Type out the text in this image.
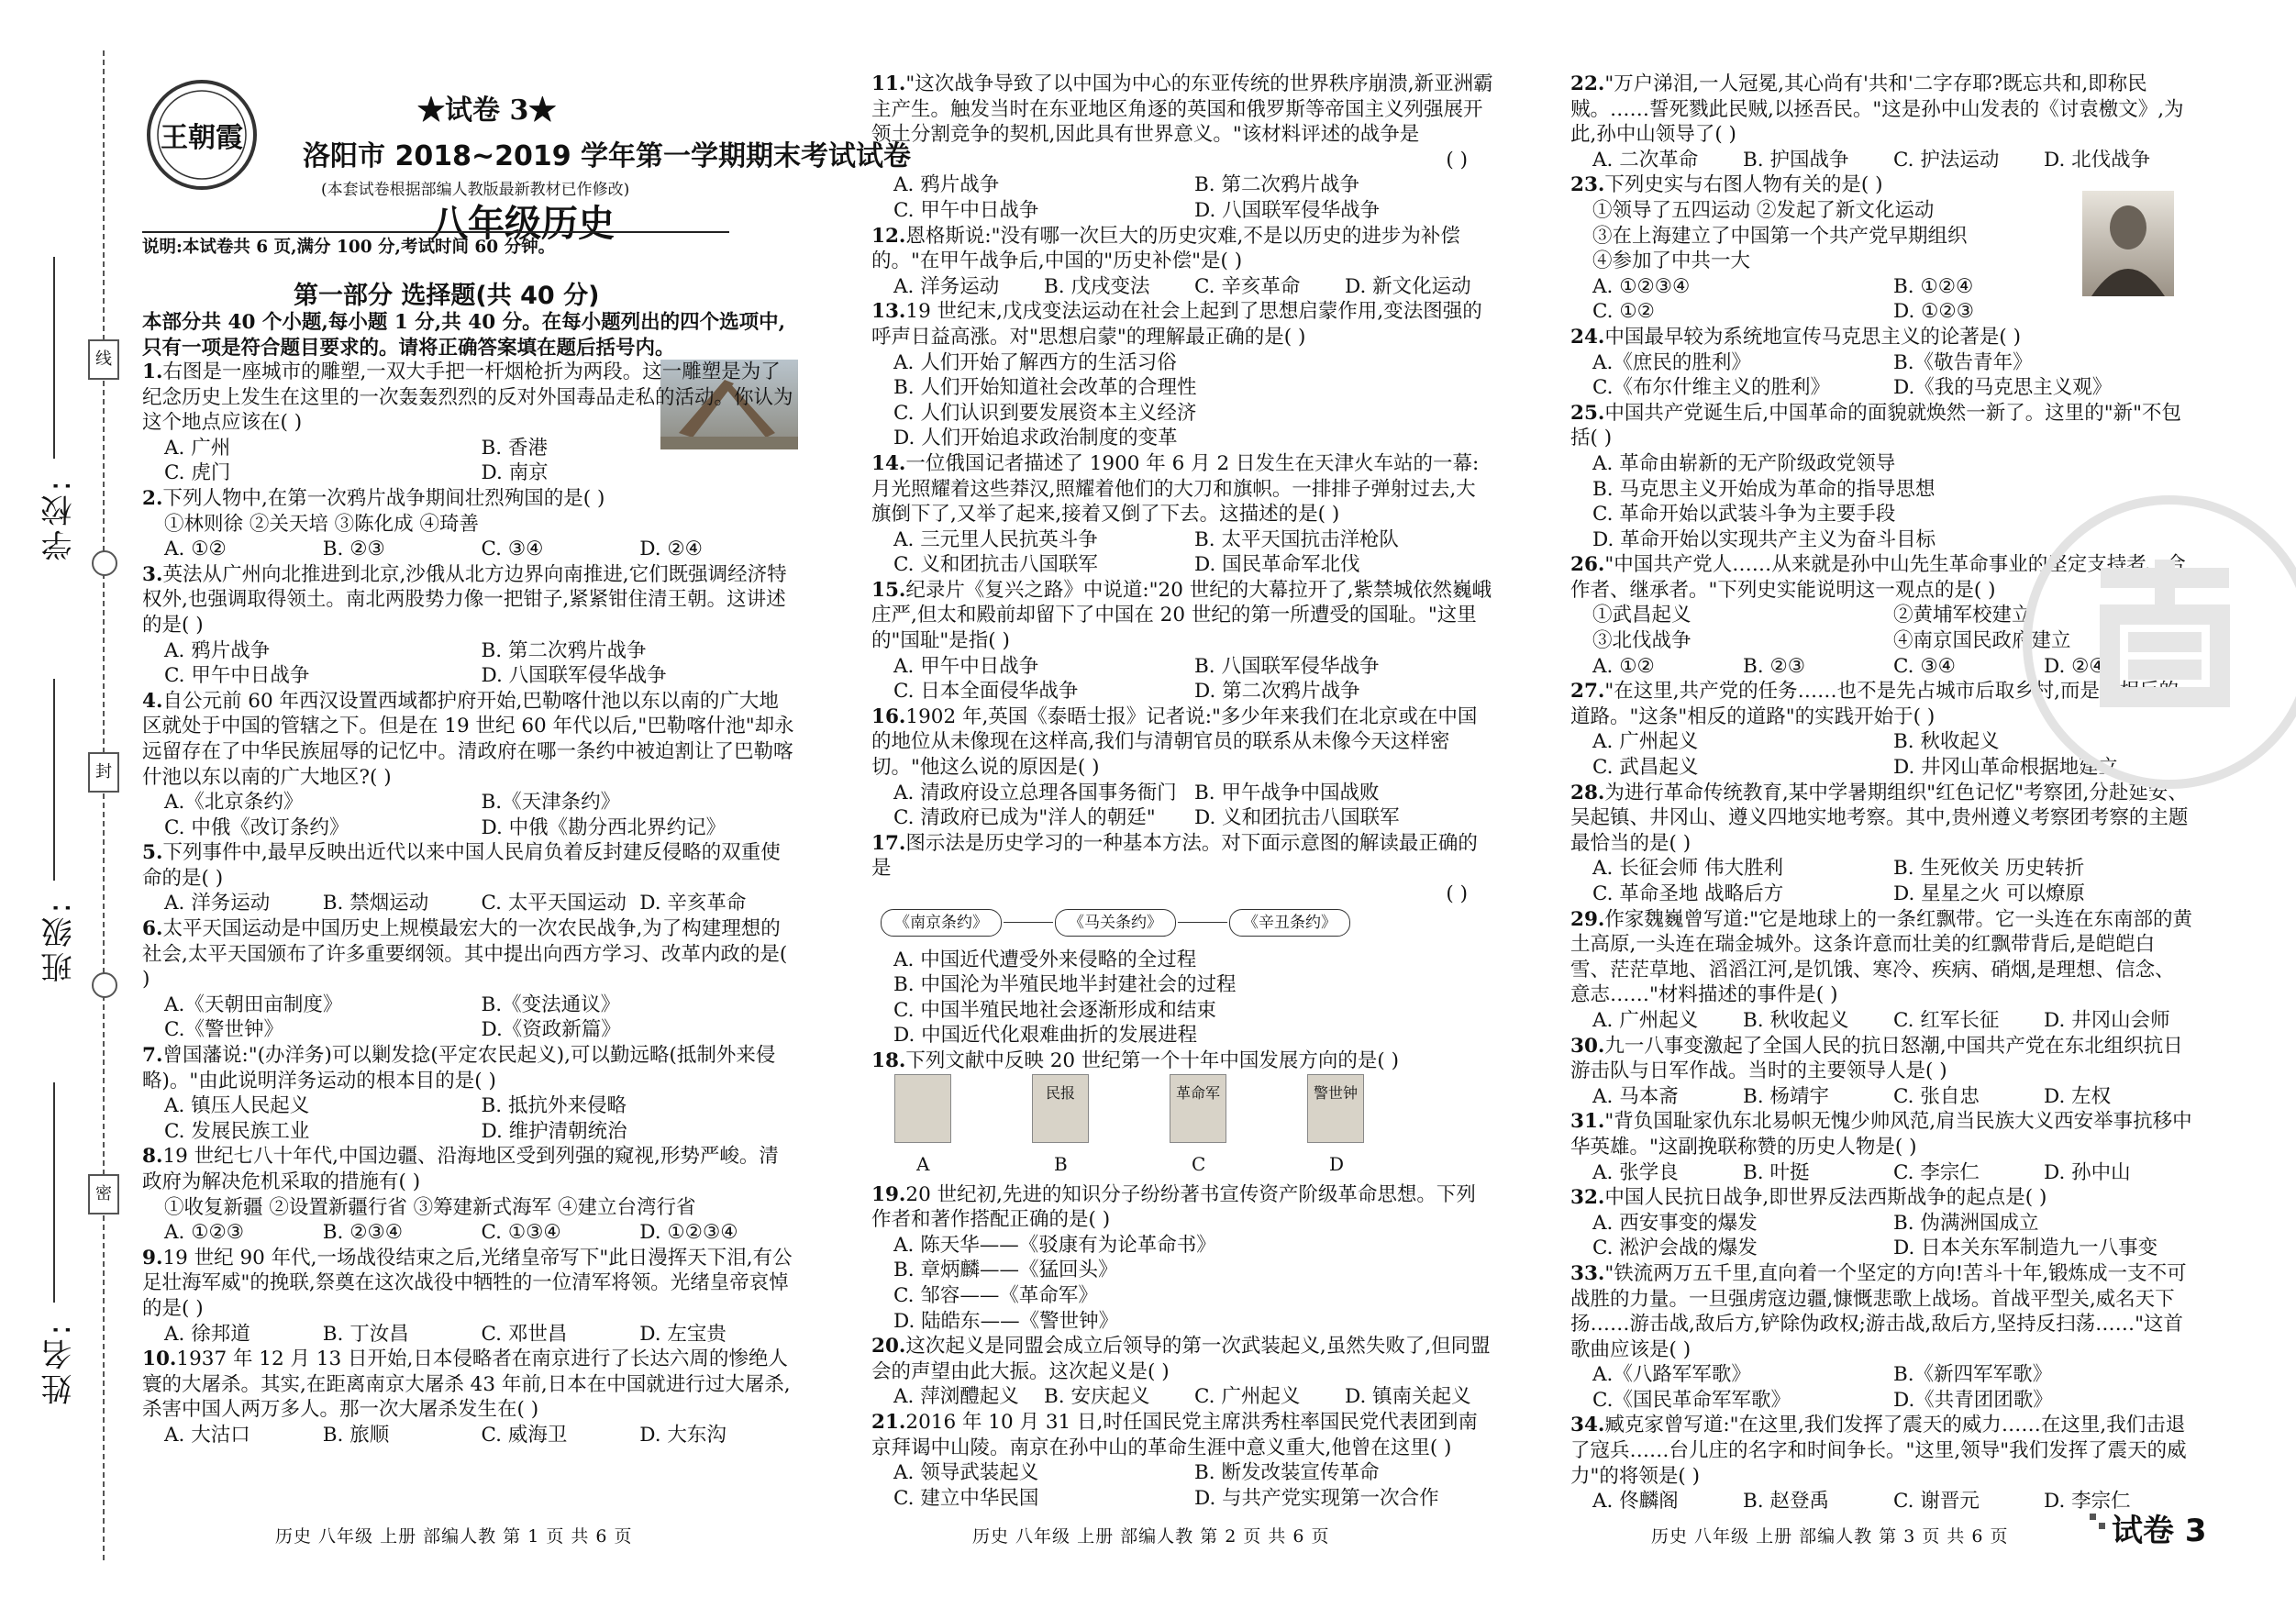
线
封
密
学校:
班级:
姓名:
王朝霞
★试卷 3★
洛阳市 2018~2019 学年第一学期期末考试试卷
(本套试卷根据部编人教版最新教材已作修改)
八年级历史
说明:本试卷共 6 页,满分 100 分,考试时间 60 分钟。
第一部分 选择题(共 40 分)
本部分共 40 个小题,每小题 1 分,共 40 分。在每小题列出的四个选项中,只有一项是符合题目要求的。请将正确答案填在题后括号内。

1.右图是一座城市的雕塑,一双大手把一杆烟枪折为两段。这一雕塑是为了纪念历史上发生在这里的一次轰轰烈烈的反对外国毒品走私的活动。你认为这个地点应该在( )

A. 广州	B. 香港
C. 虎门	D. 南京

2.下列人物中,在第一次鸦片战争期间壮烈殉国的是( )

①林则徐 ②关天培 ③陈化成 ④琦善

A. ①②	B. ②③	C. ③④	D. ②④

3.英法从广州向北推进到北京,沙俄从北方边界向南推进,它们既强调经济特权外,也强调取得领土。南北两股势力像一把钳子,紧紧钳住清王朝。这讲述的是( )

A. 鸦片战争	B. 第二次鸦片战争
C. 甲午中日战争	D. 八国联军侵华战争

4.自公元前 60 年西汉设置西域都护府开始,巴勒喀什池以东以南的广大地区就处于中国的管辖之下。但是在 19 世纪 60 年代以后,"巴勒喀什池"却永远留存在了中华民族屈辱的记忆中。清政府在哪一条约中被迫割让了巴勒喀什池以东以南的广大地区?( )

A.《北京条约》	B.《天津条约》
C. 中俄《改订条约》	D. 中俄《勘分西北界约记》

5.下列事件中,最早反映出近代以来中国人民肩负着反封建反侵略的双重使命的是( )

A. 洋务运动	B. 禁烟运动	C. 太平天国运动 D. 辛亥革命

6.太平天国运动是中国历史上规模最宏大的一次农民战争,为了构建理想的社会,太平天国颁布了许多重要纲领。其中提出向西方学习、改革内政的是( )

A.《天朝田亩制度》	B.《变法通议》
C.《警世钟》	D.《资政新篇》

7.曾国藩说:"(办洋务)可以剿发捻(平定农民起义),可以勤远略(抵制外来侵略)。"由此说明洋务运动的根本目的是( )

A. 镇压人民起义	B. 抵抗外来侵略
C. 发展民族工业	D. 维护清朝统治

8.19 世纪七八十年代,中国边疆、沿海地区受到列强的窥视,形势严峻。清政府为解决危机采取的措施有( )

①收复新疆 ②设置新疆行省 ③筹建新式海军 ④建立台湾行省

A. ①②③	B. ②③④	C. ①③④	D. ①②③④

9.19 世纪 90 年代,一场战役结束之后,光绪皇帝写下"此日漫挥天下泪,有公足壮海军威"的挽联,祭奠在这次战役中牺牲的一位清军将领。光绪皇帝哀悼的是( )

A. 徐邦道	B. 丁汝昌	C. 邓世昌	D. 左宝贵

10.1937 年 12 月 13 日开始,日本侵略者在南京进行了长达六周的惨绝人寰的大屠杀。其实,在距离南京大屠杀 43 年前,日本在中国就进行过大屠杀,杀害中国人两万多人。那一次大屠杀发生在( )

A. 大沽口	B. 旅顺	C. 威海卫	D. 大东沟

11."这次战争导致了以中国为中心的东亚传统的世界秩序崩溃,新亚洲霸主产生。触发当时在东亚地区角逐的英国和俄罗斯等帝国主义列强展开领土分割竞争的契机,因此具有世界意义。"该材料评述的战争是

( )
A. 鸦片战争	B. 第二次鸦片战争
C. 甲午中日战争	D. 八国联军侵华战争

12.恩格斯说:"没有哪一次巨大的历史灾难,不是以历史的进步为补偿的。"在甲午战争后,中国的"历史补偿"是( )

A. 洋务运动	B. 戊戌变法	C. 辛亥革命	D. 新文化运动

13.19 世纪末,戊戌变法运动在社会上起到了思想启蒙作用,变法图强的呼声日益高涨。对"思想启蒙"的理解最正确的是( )

A. 人们开始了解西方的生活习俗
B. 人们开始知道社会改革的合理性
C. 人们认识到要发展资本主义经济
D. 人们开始追求政治制度的变革

14.一位俄国记者描述了 1900 年 6 月 2 日发生在天津火车站的一幕:月光照耀着这些莽汉,照耀着他们的大刀和旗帜。一排排子弹射过去,大旗倒下了,又举了起来,接着又倒了下去。这描述的是( )

A. 三元里人民抗英斗争	B. 太平天国抗击洋枪队
C. 义和团抗击八国联军	D. 国民革命军北伐

15.纪录片《复兴之路》中说道:"20 世纪的大幕拉开了,紫禁城依然巍峨庄严,但太和殿前却留下了中国在 20 世纪的第一所遭受的国耻。"这里的"国耻"是指( )

A. 甲午中日战争	B. 八国联军侵华战争
C. 日本全面侵华战争	D. 第二次鸦片战争

16.1902 年,英国《泰晤士报》记者说:"多少年来我们在北京或在中国的地位从未像现在这样高,我们与清朝官员的联系从未像今天这样密切。"他这么说的原因是( )

A. 清政府设立总理各国事务衙门 B. 甲午战争中国战败
C. 清政府已成为"洋人的朝廷"	D. 义和团抗击八国联军

17.图示法是历史学习的一种基本方法。对下面示意图的解读最正确的是

( )
《南京条约》	《马关条约》	《辛丑条约》
A. 中国近代遭受外来侵略的全过程
B. 中国沦为半殖民地半封建社会的过程
C. 中国半殖民地社会逐渐形成和结束
D. 中国近代化艰难曲折的发展进程

18.下列文献中反映 20 世纪第一个十年中国发展方向的是( )

A
民报
B
革命军
C
警世钟
D

19.20 世纪初,先进的知识分子纷纷著书宣传资产阶级革命思想。下列作者和著作搭配正确的是( )

A. 陈天华——《驳康有为论革命书》
B. 章炳麟——《猛回头》
C. 邹容——《革命军》
D. 陆皓东——《警世钟》

20.这次起义是同盟会成立后领导的第一次武装起义,虽然失败了,但同盟会的声望由此大振。这次起义是( )

A. 萍浏醴起义	B. 安庆起义	C. 广州起义	D. 镇南关起义

21.2016 年 10 月 31 日,时任国民党主席洪秀柱率国民党代表团到南京拜谒中山陵。南京在孙中山的革命生涯中意义重大,他曾在这里( )

A. 领导武装起义	B. 断发改装宣传革命
C. 建立中华民国	D. 与共产党实现第一次合作

22."万户涕泪,一人冠冕,其心尚有'共和'二字存耶?既忘共和,即称民贼。……誓死戮此民贼,以拯吾民。"这是孙中山发表的《讨袁檄文》,为此,孙中山领导了( )

A. 二次革命	B. 护国战争	C. 护法运动	D. 北伐战争

23.下列史实与右图人物有关的是( )

①领导了五四运动 ②发起了新文化运动

③在上海建立了中国第一个共产党早期组织

④参加了中共一大

A. ①②③④	B. ①②④
C. ①②	D. ①②③

24.中国最早较为系统地宣传马克思主义的论著是( )

A.《庶民的胜利》	B.《敬告青年》
C.《布尔什维主义的胜利》	D.《我的马克思主义观》

25.中国共产党诞生后,中国革命的面貌就焕然一新了。这里的"新"不包括( )

A. 革命由崭新的无产阶级政党领导
B. 马克思主义开始成为革命的指导思想
C. 革命开始以武装斗争为主要手段
D. 革命开始以实现共产主义为奋斗目标

26."中国共产党人……从来就是孙中山先生革命事业的坚定支持者、合作者、继承者。"下列史实能说明这一观点的是( )

①武昌起义	②黄埔军校建立
③北伐战争	④南京国民政府建立
A. ①②	B. ②③	C. ③④	D. ②④

27."在这里,共产党的任务……也不是先占城市后取乡村,而是走相反的道路。"这条"相反的道路"的实践开始于( )

A. 广州起义	B. 秋收起义
C. 武昌起义	D. 井冈山革命根据地建立

28.为进行革命传统教育,某中学暑期组织"红色记忆"考察团,分赴延安、吴起镇、井冈山、遵义四地实地考察。其中,贵州遵义考察团考察的主题最恰当的是( )

A. 长征会师 伟大胜利	B. 生死攸关 历史转折
C. 革命圣地 战略后方	D. 星星之火 可以燎原

29.作家魏巍曾写道:"它是地球上的一条红飘带。它一头连在东南部的黄土高原,一头连在瑞金城外。这条许意而壮美的红飘带背后,是皑皑白雪、茫茫草地、滔滔江河,是饥饿、寒冷、疾病、硝烟,是理想、信念、意志……"材料描述的事件是( )

A. 广州起义	B. 秋收起义	C. 红军长征	D. 井冈山会师

30.九一八事变激起了全国人民的抗日怒潮,中国共产党在东北组织抗日游击队与日军作战。当时的主要领导人是( )

A. 马本斋	B. 杨靖宇	C. 张自忠	D. 左权

31."背负国耻家仇东北易帜无愧少帅风范,肩当民族大义西安举事抗移中华英雄。"这副挽联称赞的历史人物是( )

A. 张学良	B. 叶挺	C. 李宗仁	D. 孙中山

32.中国人民抗日战争,即世界反法西斯战争的起点是( )

A. 西安事变的爆发	B. 伪满洲国成立
C. 淞沪会战的爆发	D. 日本关东军制造九一八事变

33."铁流两万五千里,直向着一个坚定的方向!苦斗十年,锻炼成一支不可战胜的力量。一旦强虏寇边疆,慷慨悲歌上战场。首战平型关,威名天下扬……游击战,敌后方,铲除伪政权;游击战,敌后方,坚持反扫荡……"这首歌曲应该是( )

A.《八路军军歌》	B.《新四军军歌》
C.《国民革命军军歌》	D.《共青团团歌》

34.臧克家曾写道:"在这里,我们发挥了震天的威力……在这里,我们击退了寇兵……台儿庄的名字和时间争长。"这里,领导"我们发挥了震天的威力"的将领是( )

A. 佟麟阁	B. 赵登禹	C. 谢晋元	D. 李宗仁
历史 八年级 上册 部编人教 第 1 页 共 6 页	历史 八年级 上册 部编人教 第 2 页 共 6 页	历史 八年级 上册 部编人教 第 3 页 共 6 页	试卷 3
